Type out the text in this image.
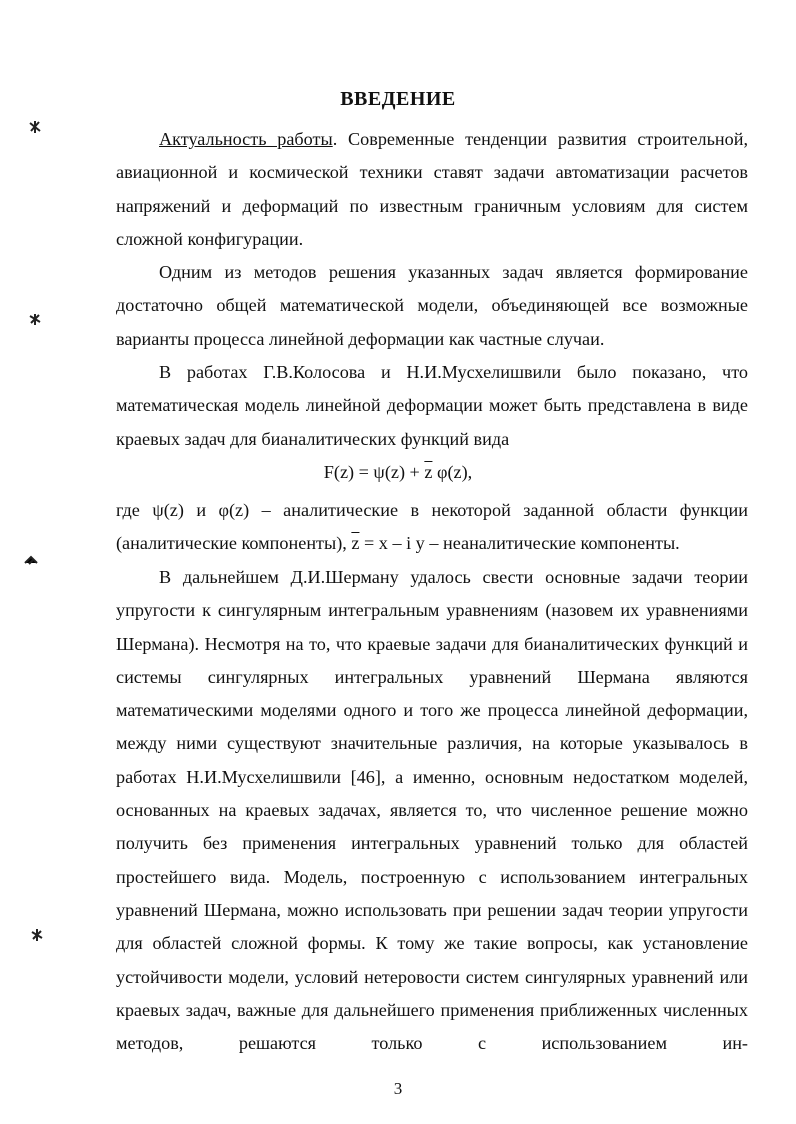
ВВЕДЕНИЕ

Актуальность работы. Современные тенденции развития строительной, авиационной и космической техники ставят задачи автоматизации расчетов напряжений и деформаций по известным граничным условиям для систем сложной конфигурации.

Одним из методов решения указанных задач является формирование достаточно общей математической модели, объединяющей все возможные варианты процесса линейной деформации как частные случаи.

В работах Г.В.Колосова и Н.И.Мусхелишвили было показано, что математическая модель линейной деформации может быть представлена в виде краевых задач для бианалитических функций вида

$F(z) = \psi(z) + \overline{z}$ φ(z),

где ψ(z) и φ(z) – аналитические в некоторой заданной области функции (аналитические компоненты), $\overline{z} = x - i$ y – неаналитические компоненты.

В дальнейшем Д.И.Шерману удалось свести основные задачи теории упругости к сингулярным интегральным уравнениям (назовем их уравнениями Шермана). Несмотря на то, что краевые задачи для бианалитических функций и системы сингулярных интегральных уравнений Шермана являются математическими моделями одного и того же процесса линейной деформации, между ними существуют значительные различия, на которые указывалось в работах Н.И.Мусхелишвили [46], а именно, основным недостатком моделей, основанных на краевых задачах, является то, что численное решение можно получить без применения интегральных уравнений только для областей простейшего вида. Модель, построенную с использованием интегральных уравнений Шермана, можно использовать при решении задач теории упругости для областей сложной формы. К тому же такие вопросы, как установление устойчивости модели, условий нетеровости систем сингулярных уравнений или краевых задач, важные для дальнейшего применения приближенных численных методов, решаются только с использованием ин-

3
